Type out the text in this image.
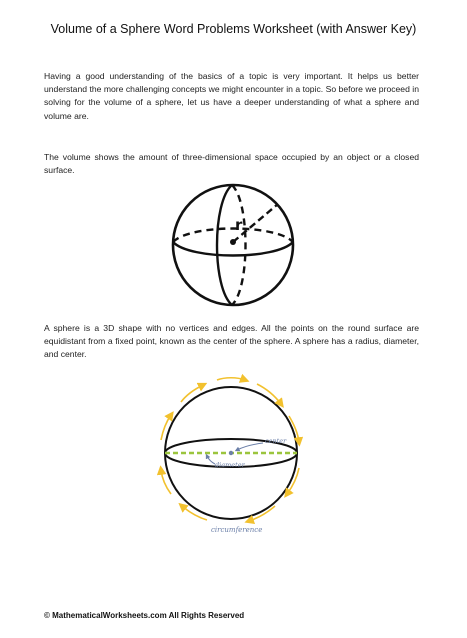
Volume of a Sphere Word Problems Worksheet (with Answer Key)
Having a good understanding of the basics of a topic is very important. It helps us better understand the more challenging concepts we might encounter in a topic. So before we proceed in solving for the volume of a sphere, let us have a deeper understanding of what a sphere and volume are.
The volume shows the amount of three-dimensional space occupied by an object or a closed surface.
r
A sphere is a 3D shape with no vertices and edges. All the points on the round surface are equidistant from a fixed point, known as the center of the sphere. A sphere has a radius, diameter, and center.
center
diameter
circumference
© MathematicalWorksheets.com All Rights Reserved
